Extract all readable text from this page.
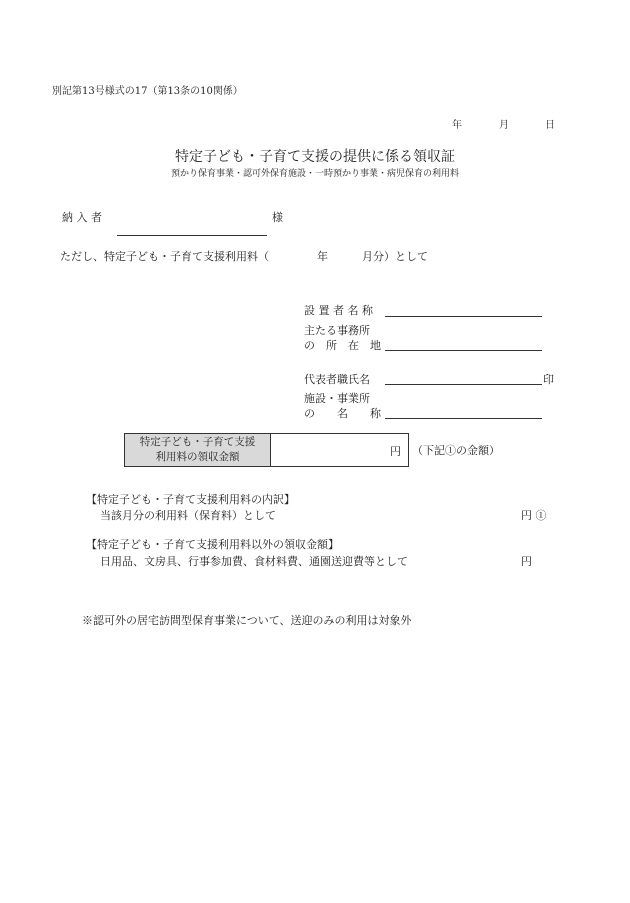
別記第13号様式の17（第13条の10関係）
年	月	日
特定子ども・子育て支援の提供に係る領収証
預かり保育事業・認可外保育施設・一時預かり事業・病児保育の利用料
納 入 者	様
ただし、特定子ども・子育て支援利用料（	年	月分）として
設 置 者 名 称
主たる事務所
の　所　在　地
代表者職氏名	印
施設・事業所
の　　名　　称
特定子ども・子育て支援
利用料の領収金額	円 （下記①の金額）
【特定子ども・子育て支援利用料の内訳】
当該月分の利用料（保育料）として	円 ①
【特定子ども・子育て支援利用料以外の領収金額】
日用品、文房具、行事参加費、食材料費、通園送迎費等として	円
※認可外の居宅訪問型保育事業について、送迎のみの利用は対象外
